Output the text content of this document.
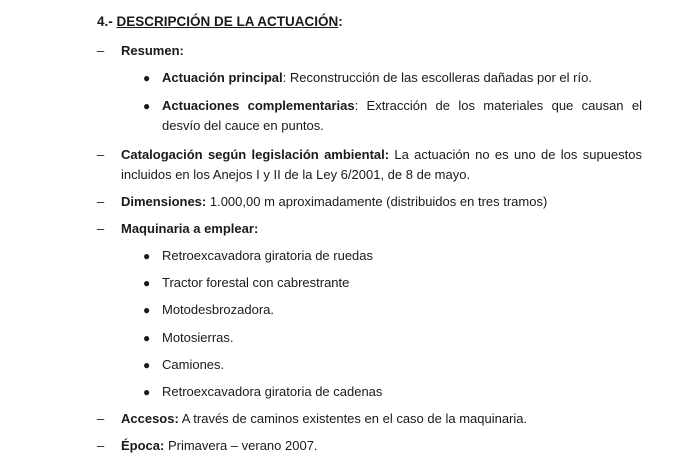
4.- DESCRIPCIÓN DE LA ACTUACIÓN:
–	Resumen:
● Actuación principal: Reconstrucción de las escolleras dañadas por el río.
● Actuaciones complementarias: Extracción de los materiales que causan el desvío del cauce en puntos.
–	Catalogación según legislación ambiental: La actuación no es uno de los supuestos incluidos en los Anejos I y II de la Ley 6/2001, de 8 de mayo.
–	Dimensiones: 1.000,00 m aproximadamente (distribuidos en tres tramos)
–	Maquinaria a emplear:
● Retroexcavadora giratoria de ruedas
● Tractor forestal con cabrestrante
● Motodesbrozadora.
● Motosierras.
● Camiones.
● Retroexcavadora giratoria de cadenas
–	Accesos: A través de caminos existentes en el caso de la maquinaria.
–	Época: Primavera – verano 2007.
